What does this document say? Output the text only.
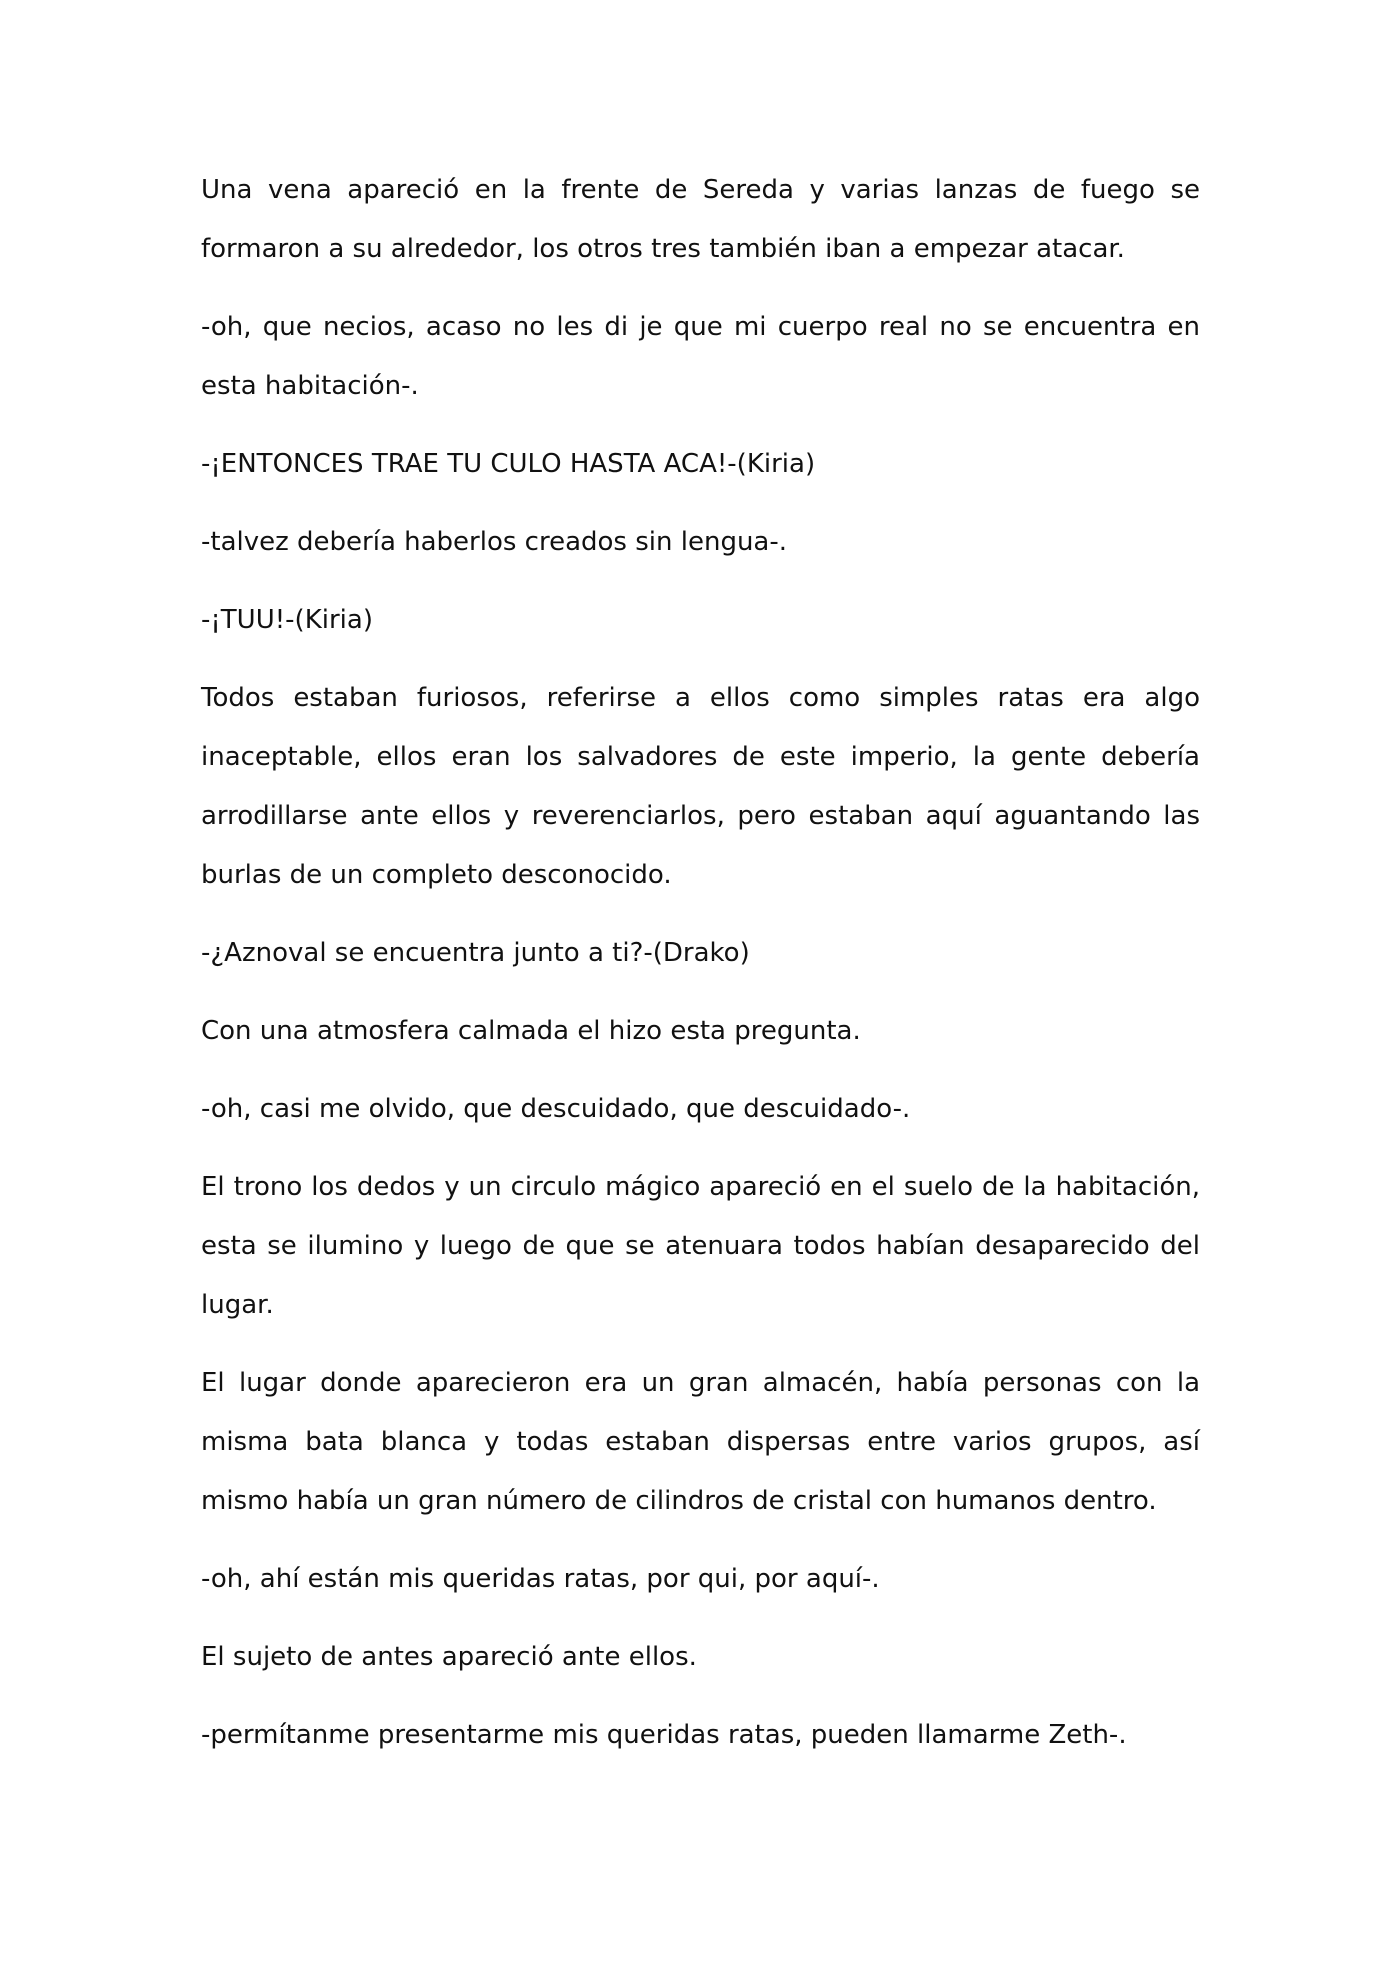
Una vena apareció en la frente de Sereda y varias lanzas de fuego se formaron a su alrededor, los otros tres también iban a empezar atacar.

-oh, que necios, acaso no les di je que mi cuerpo real no se encuentra en esta habitación-.

-¡ENTONCES TRAE TU CULO HASTA ACA!-(Kiria)

-talvez debería haberlos creados sin lengua-.

-¡TUU!-(Kiria)

Todos estaban furiosos, referirse a ellos como simples ratas era algo inaceptable, ellos eran los salvadores de este imperio, la gente debería arrodillarse ante ellos y reverenciarlos, pero estaban aquí aguantando las burlas de un completo desconocido.

-¿Aznoval se encuentra junto a ti?-(Drako)

Con una atmosfera calmada el hizo esta pregunta.

-oh, casi me olvido, que descuidado, que descuidado-.

El trono los dedos y un circulo mágico apareció en el suelo de la habitación, esta se ilumino y luego de que se atenuara todos habían desaparecido del lugar.

El lugar donde aparecieron era un gran almacén, había personas con la misma bata blanca y todas estaban dispersas entre varios grupos, así mismo había un gran número de cilindros de cristal con humanos dentro.

-oh, ahí están mis queridas ratas, por qui, por aquí-.

El sujeto de antes apareció ante ellos.

-permítanme presentarme mis queridas ratas, pueden llamarme Zeth-.
